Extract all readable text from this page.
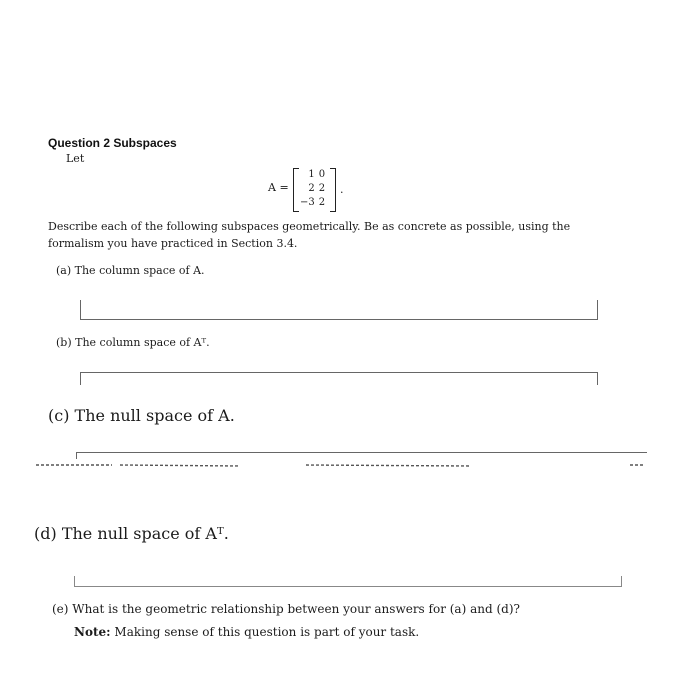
Question 2 Subspaces
Let
A =
1	0
2	2
−3	2
.
Describe each of the following subspaces geometrically. Be as concrete as possible, using the formalism you have practiced in Section 3.4.
(a) The column space of A.
(b) The column space of Aᵀ.
(c) The null space of A.
(d) The null space of Aᵀ.
(e) What is the geometric relationship between your answers for (a) and (d)?
Note: Making sense of this question is part of your task.
